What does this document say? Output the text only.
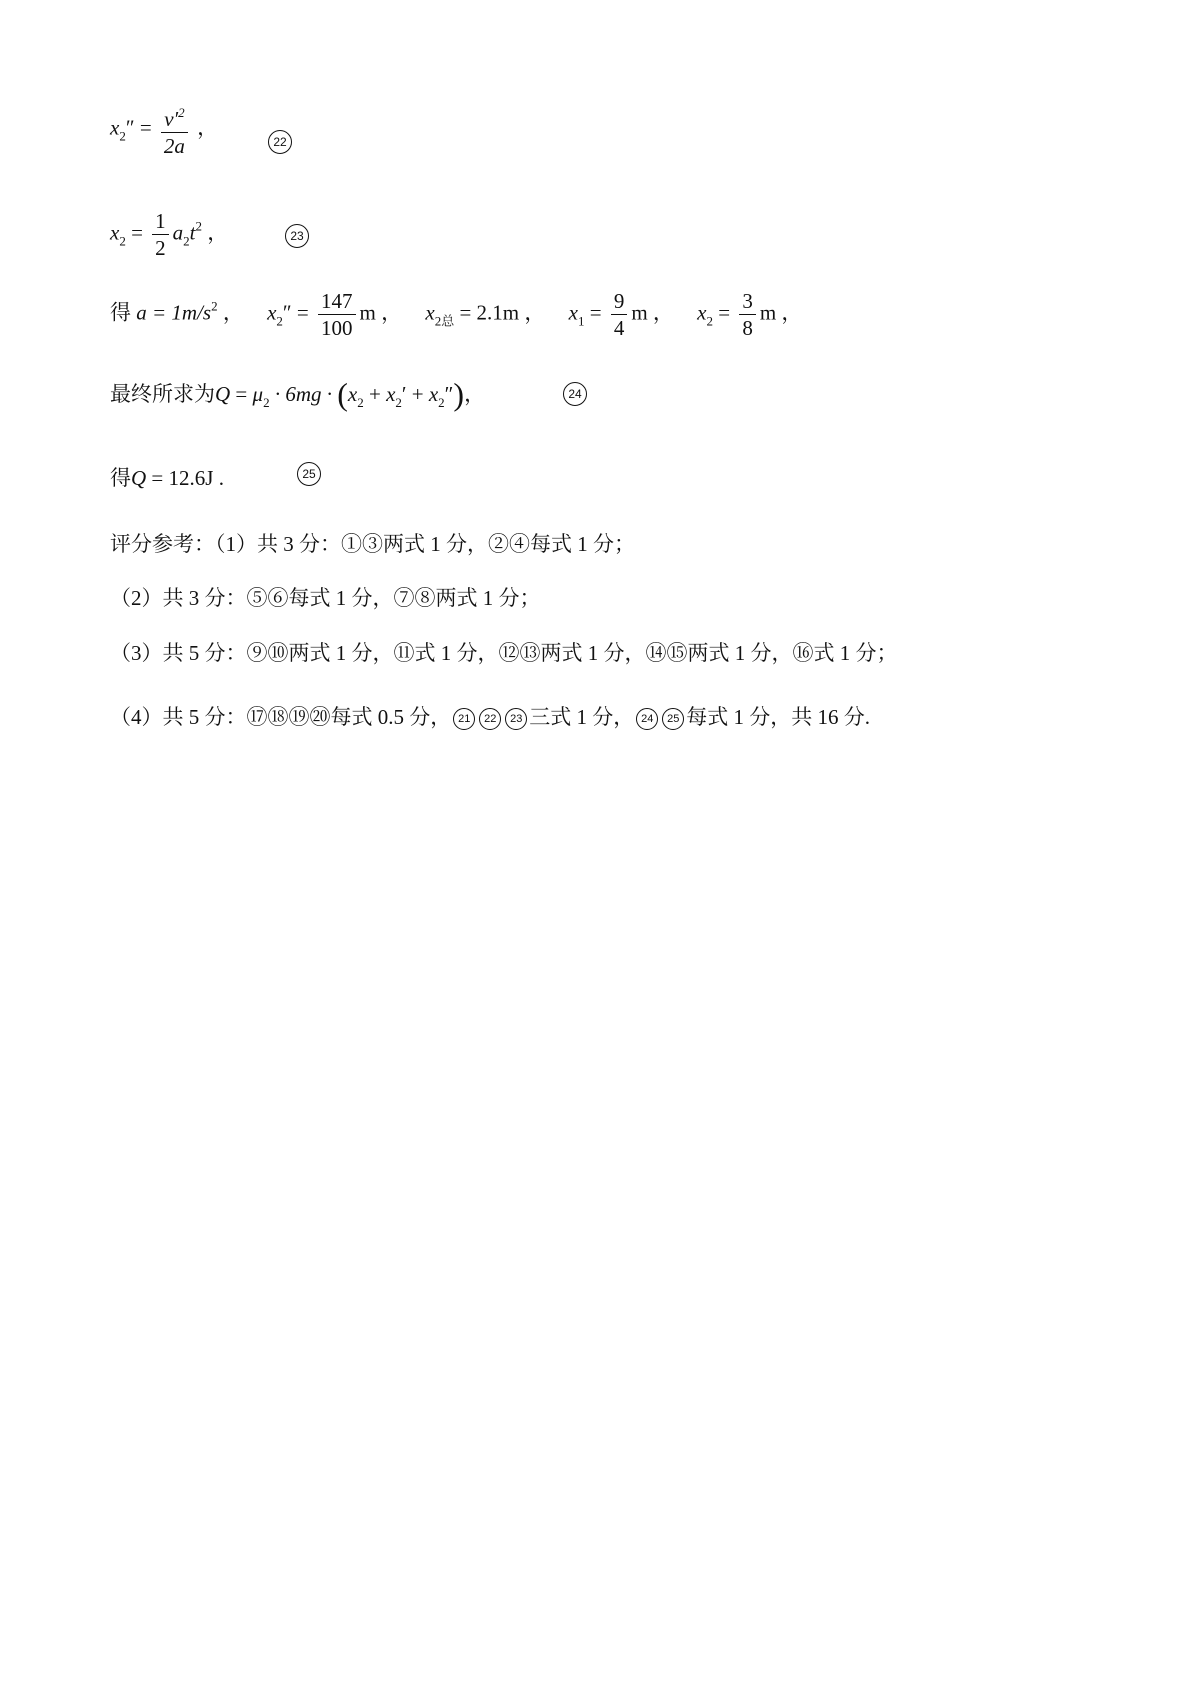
$x_2'' = \frac{v'^2}{2a}$ ，
22
$x_2 = \frac{1}{2} a_2t^2$ ，	23
得 $a = 1m/s^2$ ， $x_2'' = \frac{147}{100}$ m ， $x_{2总} = 2.1m$ ， $x_1 = \frac{9}{4}$ m ， $x_2 = \frac{3}{8}$ m ，
最终所求为$Q = \mu_2 \cdot 6mg \cdot (x_2 + x_2' + x_2'')$，	24
得Q = 12.6J .	25
评分参考：（1）共 3 分：①③两式 1 分，②④每式 1 分；
（2）共 3 分：⑤⑥每式 1 分，⑦⑧两式 1 分；
（3）共 5 分：⑨⑩两式 1 分，⑪式 1 分，⑫⑬两式 1 分，⑭⑮两式 1 分，⑯式 1 分；
（4）共 5 分：⑰⑱⑲⑳每式 0.5 分， 21 22 23 三式 1 分， 24 25 每式 1 分，共 16 分.
